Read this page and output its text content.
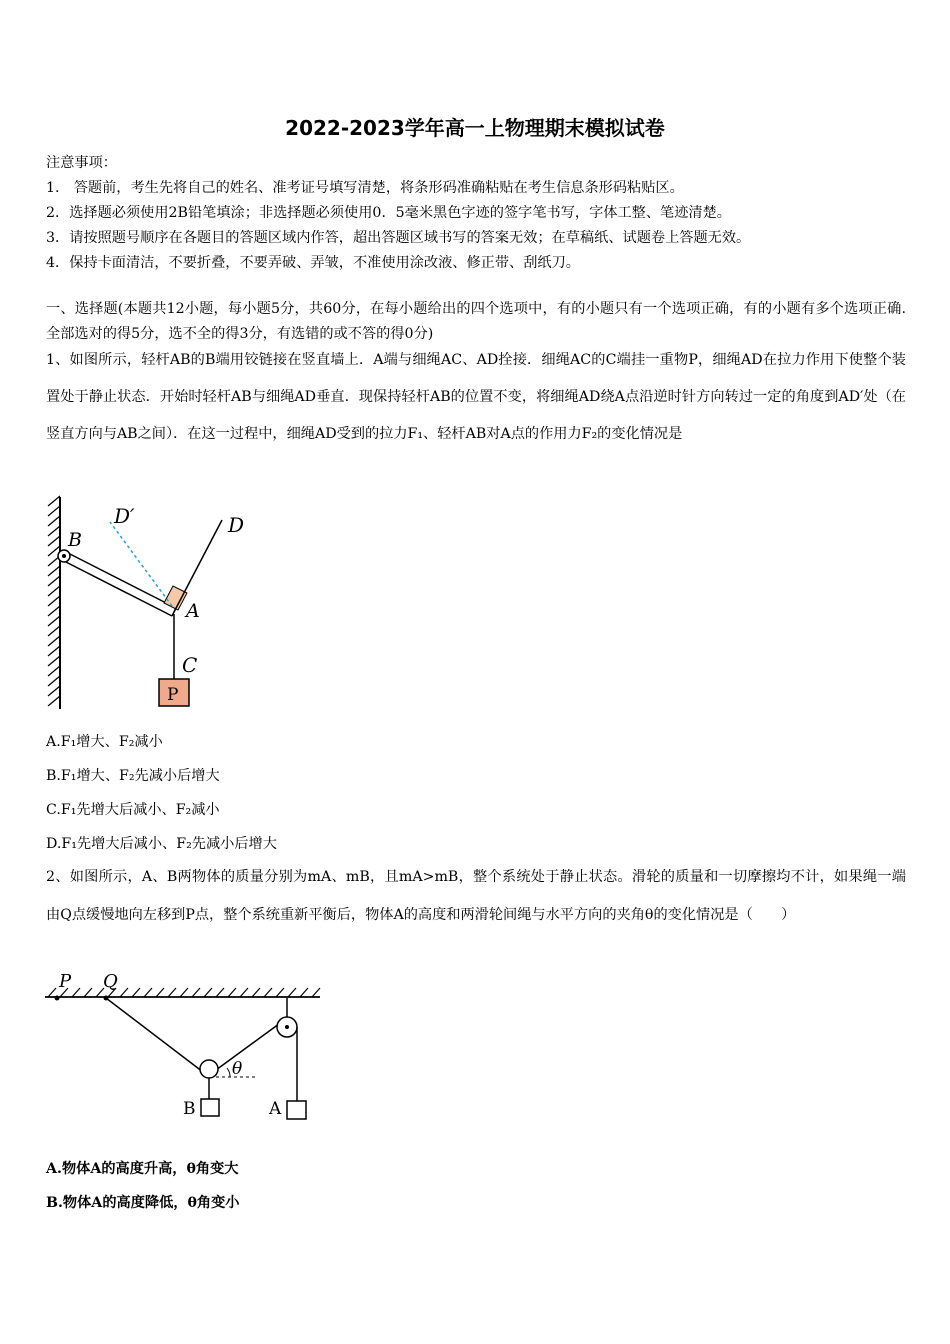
2022-2023学年高一上物理期末模拟试卷
注意事项：
1.　答题前，考生先将自己的姓名、准考证号填写清楚，将条形码准确粘贴在考生信息条形码粘贴区。
2．选择题必须使用2B铅笔填涂；非选择题必须使用0．5毫米黑色字迹的签字笔书写，字体工整、笔迹清楚。
3．请按照题号顺序在各题目的答题区域内作答，超出答题区域书写的答案无效；在草稿纸、试题卷上答题无效。
4．保持卡面清洁，不要折叠，不要弄破、弄皱，不准使用涂改液、修正带、刮纸刀。
一、选择题(本题共12小题，每小题5分，共60分，在每小题给出的四个选项中，有的小题只有一个选项正确，有的小题有多个选项正确.全部选对的得5分，选不全的得3分，有选错的或不答的得0分)
1、如图所示，轻杆AB的B端用铰链接在竖直墙上．A端与细绳AC、AD拴接．细绳AC的C端挂一重物P，细绳AD在拉力作用下使整个装置处于静止状态．开始时轻杆AB与细绳AD垂直．现保持轻杆AB的位置不变，将细绳AD绕A点沿逆时针方向转过一定的角度到AD′处（在竖直方向与AB之间）．在这一过程中，细绳AD受到的拉力F₁、轻杆AB对A点的作用力F₂的变化情况是
B
D′	D
A
C
P
A.F₁增大、F₂减小
B.F₁增大、F₂先减小后增大
C.F₁先增大后减小、F₂减小
D.F₁先增大后减小、F₂先减小后增大
2、如图所示，A、B两物体的质量分别为mA、mB，且mA>mB，整个系统处于静止状态。滑轮的质量和一切摩擦均不计，如果绳一端由Q点缓慢地向左移到P点，整个系统重新平衡后，物体A的高度和两滑轮间绳与水平方向的夹角θ的变化情况是（　　）
P Q
θ
B	A
A.物体A的高度升高，θ角变大
B.物体A的高度降低，θ角变小
